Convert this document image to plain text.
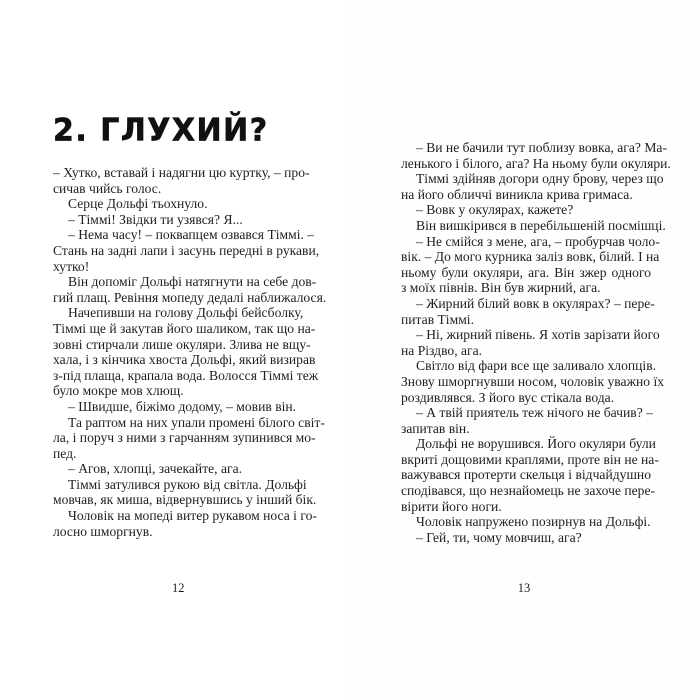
2. ГЛУХИЙ?
– Хутко, вставай і надягни цю куртку, – про-
сичав чийсь голос.
Серце Дольфі тьохнуло.
– Тіммі! Звідки ти узявся? Я...
– Нема часу! – поквапцем озвався Тіммі. –
Стань на задні лапи і засунь передні в рукави,
хутко!
Він допоміг Дольфі натягнути на себе дов-
гий плащ. Ревіння мопеду дедалі наближалося.
Начепивши на голову Дольфі бейсболку,
Тіммі ще й закутав його шаликом, так що на-
зовні стирчали лише окуляри. Злива не вщу-
хала, і з кінчика хвоста Дольфі, який визирав
з-під плаща, крапала вода. Волосся Тіммі теж
було мокре мов хлющ.
– Швидше, біжімо додому, – мовив він.
Та раптом на них упали промені білого світ-
ла, і поруч з ними з гарчанням зупинився мо-
пед.
– Агов, хлопці, зачекайте, ага.
Тіммі затулився рукою від світла. Дольфі
мовчав, як миша, відвернувшись у інший бік.
Чоловік на мопеді витер рукавом носа і го-
лосно шморгнув.
12
– Ви не бачили тут поблизу вовка, ага? Ма-
ленького і білого, ага? На ньому були окуляри.
Тіммі здійняв догори одну брову, через що
на його обличчі виникла крива гримаса.
– Вовк у окулярах, кажете?
Він вишкірився в перебільшеній посмішці.
– Не смійся з мене, ага, – пробурчав чоло-
вік. – До мого курника заліз вовк, білий. І на
ньому були окуляри, ага. Він зжер одного
з моїх півнів. Він був жирний, ага.
– Жирний білий вовк в окулярах? – пере-
питав Тіммі.
– Ні, жирний півень. Я хотів зарізати його
на Різдво, ага.
Світло від фари все ще заливало хлопців.
Знову шморгнувши носом, чоловік уважно їх
роздивлявся. З його вус стікала вода.
– А твій приятель теж нічого не бачив? –
запитав він.
Дольфі не ворушився. Його окуляри були
вкриті дощовими краплями, проте він не на-
важувався протерти скельця і відчайдушно
сподівався, що незнайомець не захоче пере-
вірити його ноги.
Чоловік напружено позирнув на Дольфі.
– Гей, ти, чому мовчиш, ага?
13
